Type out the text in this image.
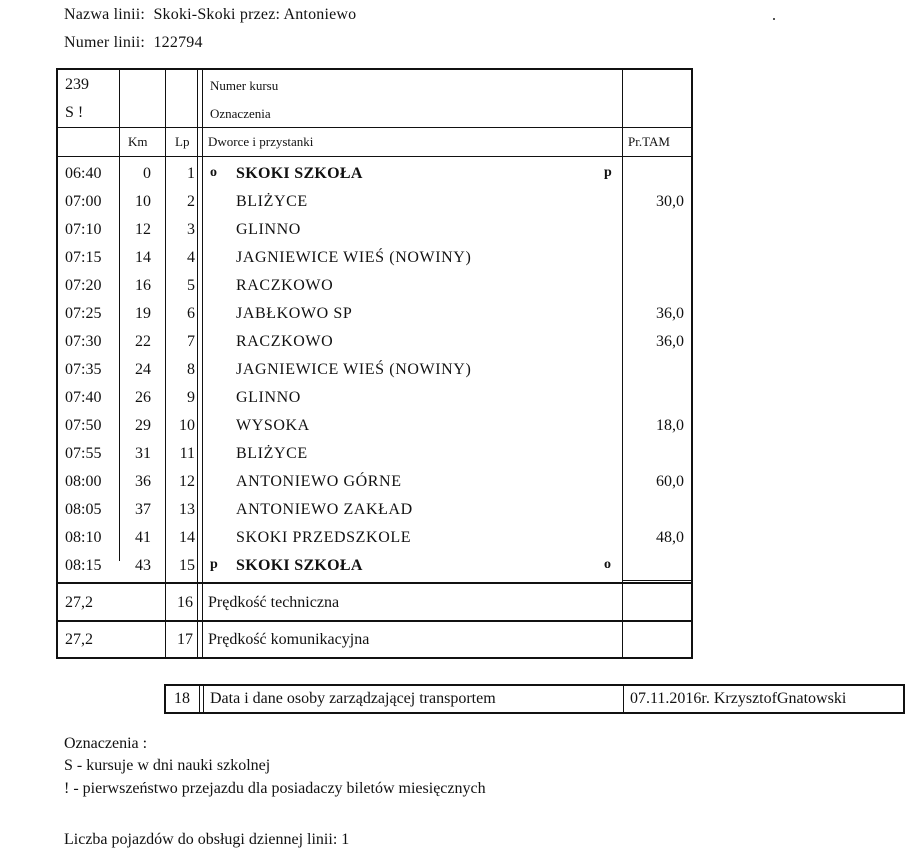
Nazwa linii: Skoki-Skoki przez: Antoniewo
Numer linii: 122794
239
S !
Numer kursu
Oznaczenia
Km Lp Dworce i przystanki	Pr.TAM
06:40	0 1 o SKOKI SZKOŁA	p
07:00 10 2	BLIŻYCE	30,0
07:10 12 3	GLINNO
07:15 14 4	JAGNIEWICE WIEŚ (NOWINY)
07:20 16 5	RACZKOWO
07:25 19 6	JABŁKOWO SP	36,0
07:30 22 7	RACZKOWO	36,0
07:35 24 8	JAGNIEWICE WIEŚ (NOWINY)
07:40 26 9	GLINNO
07:50 29 10	WYSOKA	18,0
07:55 31 11	BLIŻYCE
08:00 36 12	ANTONIEWO GÓRNE	60,0
08:05 37 13	ANTONIEWO ZAKŁAD
08:10 41 14	SKOKI PRZEDSZKOLE	48,0
08:15 43 15 p SKOKI SZKOŁA	o
27,2	16 Prędkość techniczna
27,2	17 Prędkość komunikacyjna
18 Data i dane osoby zarządzającej transportem	07.11.2016r. KrzysztofGnatowski
Oznaczenia :
S - kursuje w dni nauki szkolnej
! - pierwszeństwo przejazdu dla posiadaczy biletów miesięcznych
Liczba pojazdów do obsługi dziennej linii: 1
